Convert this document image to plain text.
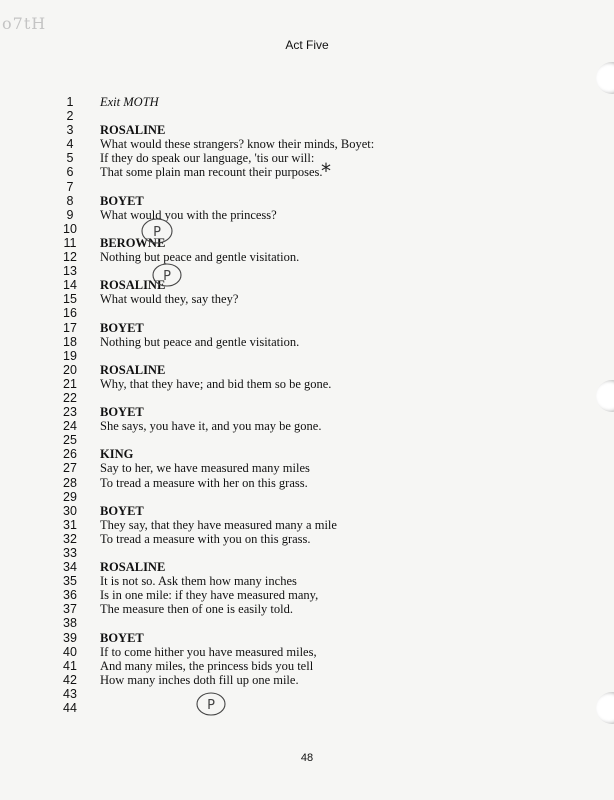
o7tH
Act Five
1	Exit MOTH
2
3	ROSALINE
4	What would these strangers? know their minds, Boyet:
5	If they do speak our language, 'tis our will:
6	That some plain man recount their purposes.
7
8	BOYET
9	What would you with the princess?
10
11 BEROWNE
12 Nothing but peace and gentle visitation.
13
14 ROSALINE
15 What would they, say they?
16
17 BOYET
18 Nothing but peace and gentle visitation.
19
20 ROSALINE
21 Why, that they have; and bid them so be gone.
22
23 BOYET
24 She says, you have it, and you may be gone.
25
26 KING
27 Say to her, we have measured many miles
28 To tread a measure with her on this grass.
29
30 BOYET
31 They say, that they have measured many a mile
32 To tread a measure with you on this grass.
33
34 ROSALINE
35 It is not so. Ask them how many inches
36 Is in one mile: if they have measured many,
37 The measure then of one is easily told.
38
39 BOYET
40 If to come hither you have measured miles,
41 And many miles, the princess bids you tell
42 How many inches doth fill up one mile.
43
44
48
P
P
P
*
